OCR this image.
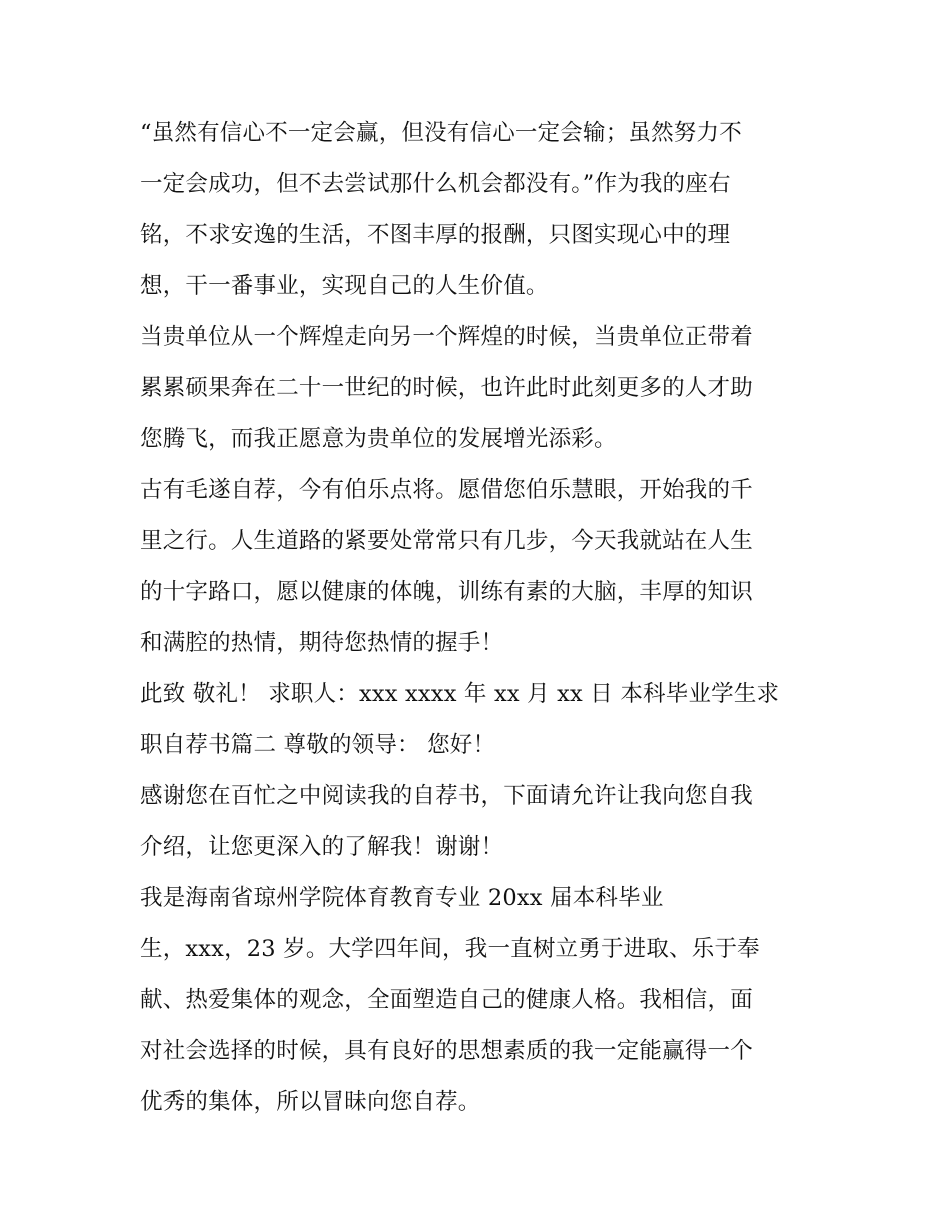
“虽然有信心不一定会赢，但没有信心一定会输；虽然努力不
一定会成功，但不去尝试那什么机会都没有。”作为我的座右
铭，不求安逸的生活，不图丰厚的报酬，只图实现心中的理
想，干一番事业，实现自己的人生价值。
当贵单位从一个辉煌走向另一个辉煌的时候，当贵单位正带着
累累硕果奔在二十一世纪的时候，也许此时此刻更多的人才助
您腾飞，而我正愿意为贵单位的发展增光添彩。
古有毛遂自荐，今有伯乐点将。愿借您伯乐慧眼，开始我的千
里之行。人生道路的紧要处常常只有几步，今天我就站在人生
的十字路口，愿以健康的体魄，训练有素的大脑，丰厚的知识
和满腔的热情，期待您热情的握手！
此致 敬礼！ 求职人：xxx xxxx 年 xx 月 xx 日 本科毕业学生求
职自荐书篇二 尊敬的领导： 您好！
感谢您在百忙之中阅读我的自荐书，下面请允许让我向您自我
介绍，让您更深入的了解我！谢谢！
我是海南省琼州学院体育教育专业 20xx 届本科毕业
生，xxx，23 岁。大学四年间，我一直树立勇于进取、乐于奉
献、热爱集体的观念，全面塑造自己的健康人格。我相信，面
对社会选择的时候，具有良好的思想素质的我一定能赢得一个
优秀的集体，所以冒昧向您自荐。
